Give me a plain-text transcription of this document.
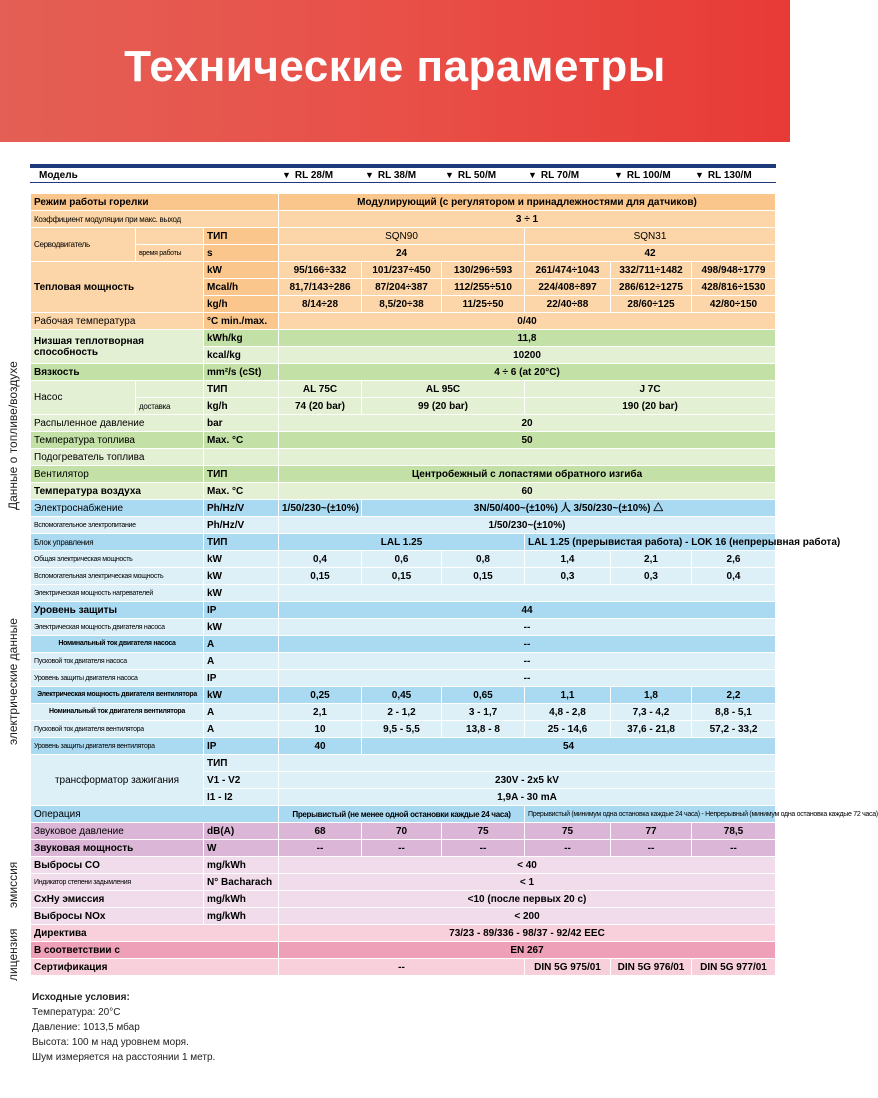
Технические параметры
Данные о топливе/воздухе
электрические данные
эмиссия
лицензия
Модель			▼ RL 28/M	▼ RL 38/M	▼ RL 50/M	▼ RL 70/M	▼ RL 100/M	▼ RL 130/M	

Режим работы горелки			Модулирующий (с регулятором и принадлежностями для датчиков)						
Коэффициент модуляции при макс. выход			3 ÷ 1						
Серводвигатель		ТИП	SQN90			SQN31			
	время работы	s	24			42			
Тепловая мощность		kW	95/166÷332	101/237÷450	130/296÷593	261/474÷1043	332/711÷1482	498/948÷1779	
		Mcal/h	81,7/143÷286	87/204÷387	112/255÷510	224/408÷897	286/612÷1275	428/816÷1530	
		kg/h	8/14÷28	8,5/20÷38	11/25÷50	22/40÷88	28/60÷125	42/80÷150	
Рабочая температура		°C min./max.	0/40						
Низшая теплотворная способность		kWh/kg	11,8						
		kcal/kg	10200						
Вязкость		mm²/s (cSt)	4 ÷ 6 (at 20°C)						
Насос		ТИП	AL 75C	AL 95C		J 7C	
	доставка	kg/h	74 (20 bar)	99 (20 bar)		190 (20 bar)	
Распыленное давление		bar	20						
Температура топлива		Max. °C	50						
Подогреватель топлива									
Вентилятор		ТИП	Центробежный с лопастями обратного изгиба	
Температура воздуха		Max. °C	60						
Электроснабжение		Ph/Hz/V	1/50/230~(±10%)	3N/50/400~(±10%) 人 3/50/230~(±10%) △					
Вспомогательное электропитание		Ph/Hz/V	1/50/230~(±10%)						
Блок управления		ТИП	LAL 1.25			LAL 1.25 (прерывистая работа) - LOK 16 (непрерывная работа)			
Общая электрическая мощность		kW	0,4	0,6	0,8	1,4	2,1	2,6	
Вспомогательная электрическая мощность		kW	0,15	0,15	0,15	0,3	0,3	0,4	
Электрическая мощность нагревателей		kW							
Уровень защиты		IP	44						
Электрическая мощность двигателя насоса		kW	--						
Номинальный ток двигателя насоса		A	--						
Пусковой ток двигателя насоса		A	--						
Уровень защиты двигателя насоса		IP	--						
Электрическая мощность двигателя вентилятора		kW	0,25	0,45	0,65	1,1	1,8	2,2	
Номинальный ток двигателя вентилятора		A	2,1	2 - 1,2	3 - 1,7	4,8 - 2,8	7,3 - 4,2	8,8 - 5,1	
Пусковой ток двигателя вентилятора		A	10	9,5 - 5,5	13,8 - 8	25 - 14,6	37,6 - 21,8	57,2 - 33,2	
Уровень защиты двигателя вентилятора		IP	40	54					
трансформатор зажигания		ТИП							
		V1 - V2	230V - 2x5 kV	
		I1 - I2	1,9A - 30 mA	
Операция			Прерывистый (не менее одной остановки каждые 24 часа)			Прерывистый (минимум одна остановка каждые 24 часа) - Непрерывный (минимум одна остановка каждые 72 часа)			
Звуковое давление		dB(A)	68	70	75	75	77	78,5	
Звуковая мощность		W	--	--	--	--	--	--	
Выбросы CO		mg/kWh	< 40						
Индикатор степени задымления		N° Bacharach	< 1						
CxHy эмиссия		mg/kWh	<10 (после первых 20 с)						
Выбросы NOx		mg/kWh	< 200						
Директива			73/23 - 89/336 - 98/37 - 92/42 EEC						
В соответствии с			EN 267						
Сертификация			--			DIN 5G 975/01	DIN 5G 976/01	DIN 5G 977/01	
Исходные условия:
Температура: 20°C
Давление: 1013,5 мбар
Высота: 100 м над уровнем моря.
Шум измеряется на расстоянии 1 метр.
